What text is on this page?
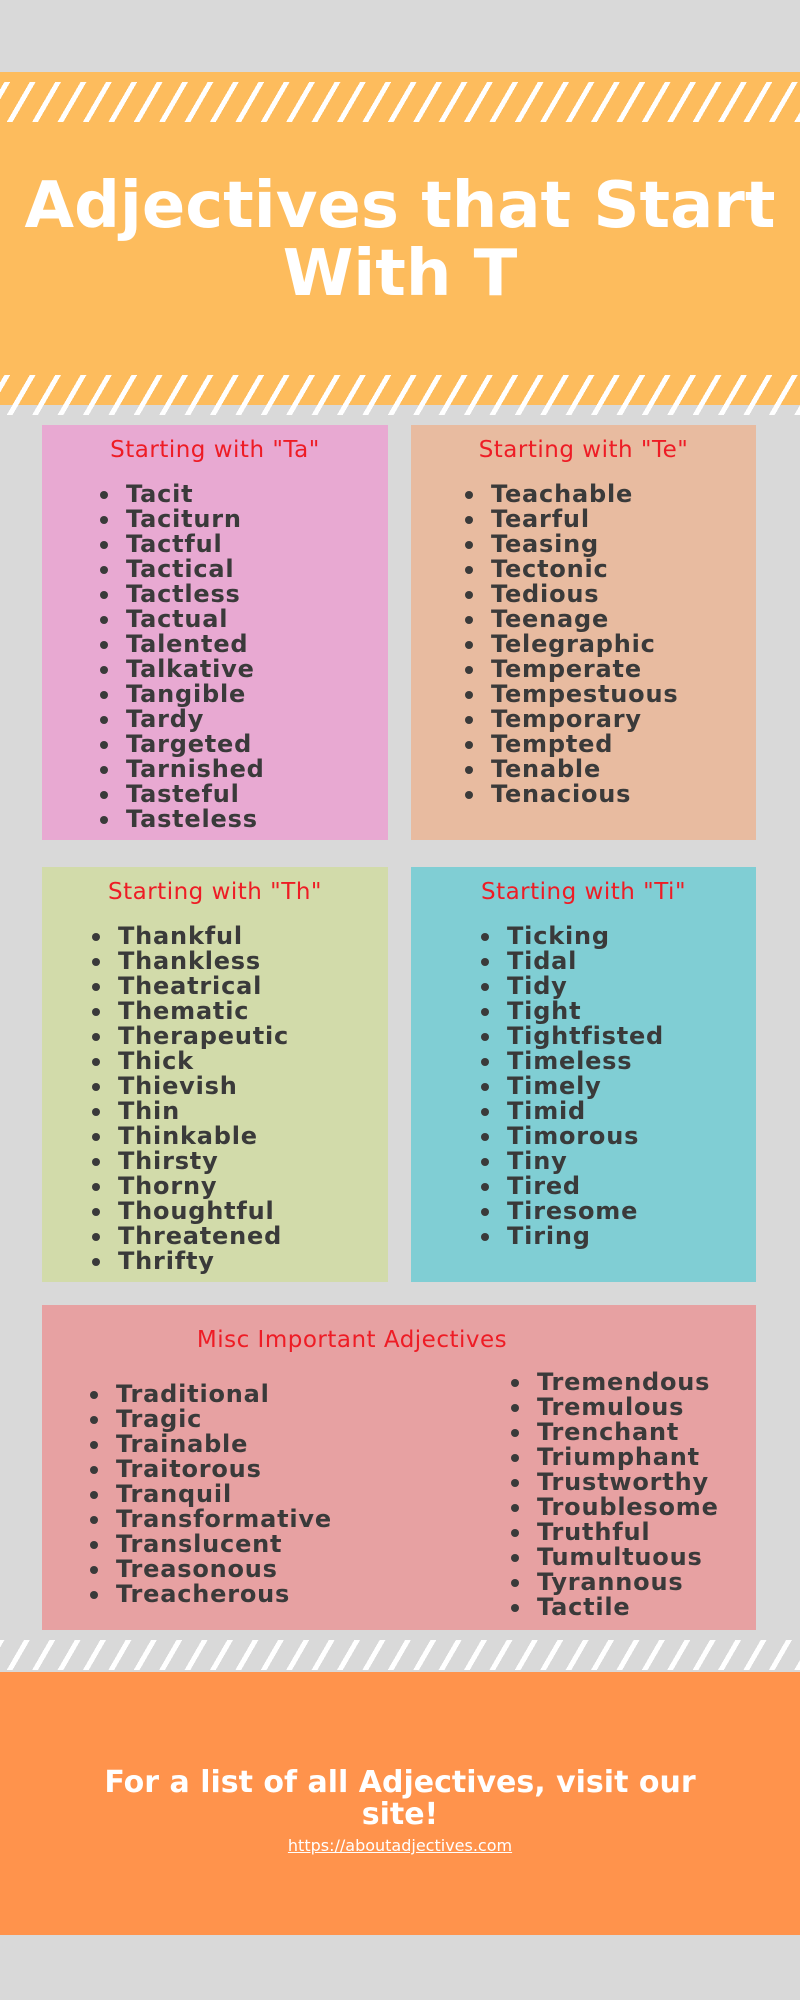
Adjectives that Start With T
Starting with "Ta"
Tacit
Taciturn
Tactful
Tactical
Tactless
Tactual
Talented
Talkative
Tangible
Tardy
Targeted
Tarnished
Tasteful
Tasteless
Starting with "Te"
Teachable
Tearful
Teasing
Tectonic
Tedious
Teenage
Telegraphic
Temperate
Tempestuous
Temporary
Tempted
Tenable
Tenacious
Starting with "Th"
Thankful
Thankless
Theatrical
Thematic
Therapeutic
Thick
Thievish
Thin
Thinkable
Thirsty
Thorny
Thoughtful
Threatened
Thrifty
Starting with "Ti"
Ticking
Tidal
Tidy
Tight
Tightfisted
Timeless
Timely
Timid
Timorous
Tiny
Tired
Tiresome
Tiring
Misc Important Adjectives
Traditional
Tragic
Trainable
Traitorous
Tranquil
Transformative
Translucent
Treasonous
Treacherous
Tremendous
Tremulous
Trenchant
Triumphant
Trustworthy
Troublesome
Truthful
Tumultuous
Tyrannous
Tactile
For a list of all Adjectives, visit our site!
https://aboutadjectives.com
